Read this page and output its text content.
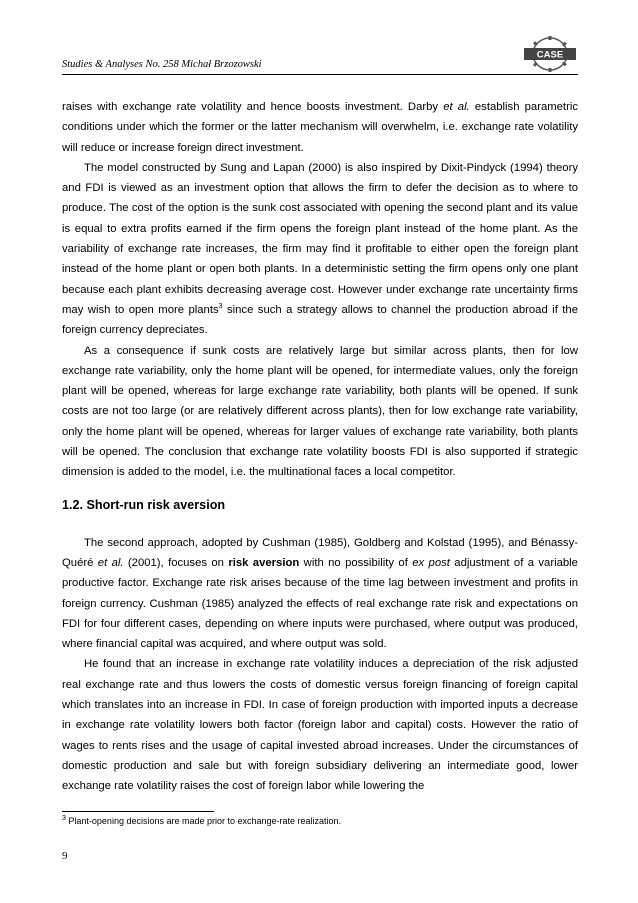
Studies & Analyses No. 258 Michał Brzozowski
CASE

raises with exchange rate volatility and hence boosts investment. Darby et al. establish parametric conditions under which the former or the latter mechanism will overwhelm, i.e. exchange rate volatility will reduce or increase foreign direct investment.

The model constructed by Sung and Lapan (2000) is also inspired by Dixit-Pindyck (1994) theory and FDI is viewed as an investment option that allows the firm to defer the decision as to where to produce. The cost of the option is the sunk cost associated with opening the second plant and its value is equal to extra profits earned if the firm opens the foreign plant instead of the home plant. As the variability of exchange rate increases, the firm may find it profitable to either open the foreign plant instead of the home plant or open both plants. In a deterministic setting the firm opens only one plant because each plant exhibits decreasing average cost. However under exchange rate uncertainty firms may wish to open more plants$^3$ since such a strategy allows to channel the production abroad if the foreign currency depreciates.

As a consequence if sunk costs are relatively large but similar across plants, then for low exchange rate variability, only the home plant will be opened, for intermediate values, only the foreign plant will be opened, whereas for large exchange rate variability, both plants will be opened. If sunk costs are not too large (or are relatively different across plants), then for low exchange rate variability, only the home plant will be opened, whereas for larger values of exchange rate variability, both plants will be opened. The conclusion that exchange rate volatility boosts FDI is also supported if strategic dimension is added to the model, i.e. the multinational faces a local competitor.

1.2. Short-run risk aversion

The second approach, adopted by Cushman (1985), Goldberg and Kolstad (1995), and Bénassy-Quéré et al. (2001), focuses on risk aversion with no possibility of ex post adjustment of a variable productive factor. Exchange rate risk arises because of the time lag between investment and profits in foreign currency. Cushman (1985) analyzed the effects of real exchange rate risk and expectations on FDI for four different cases, depending on where inputs were purchased, where output was produced, where financial capital was acquired, and where output was sold.

He found that an increase in exchange rate volatility induces a depreciation of the risk adjusted real exchange rate and thus lowers the costs of domestic versus foreign financing of foreign capital which translates into an increase in FDI. In case of foreign production with imported inputs a decrease in exchange rate volatility lowers both factor (foreign labor and capital) costs. However the ratio of wages to rents rises and the usage of capital invested abroad increases. Under the circumstances of domestic production and sale but with foreign subsidiary delivering an intermediate good, lower exchange rate volatility raises the cost of foreign labor while lowering the

$^3$ Plant-opening decisions are made prior to exchange-rate realization.
9
